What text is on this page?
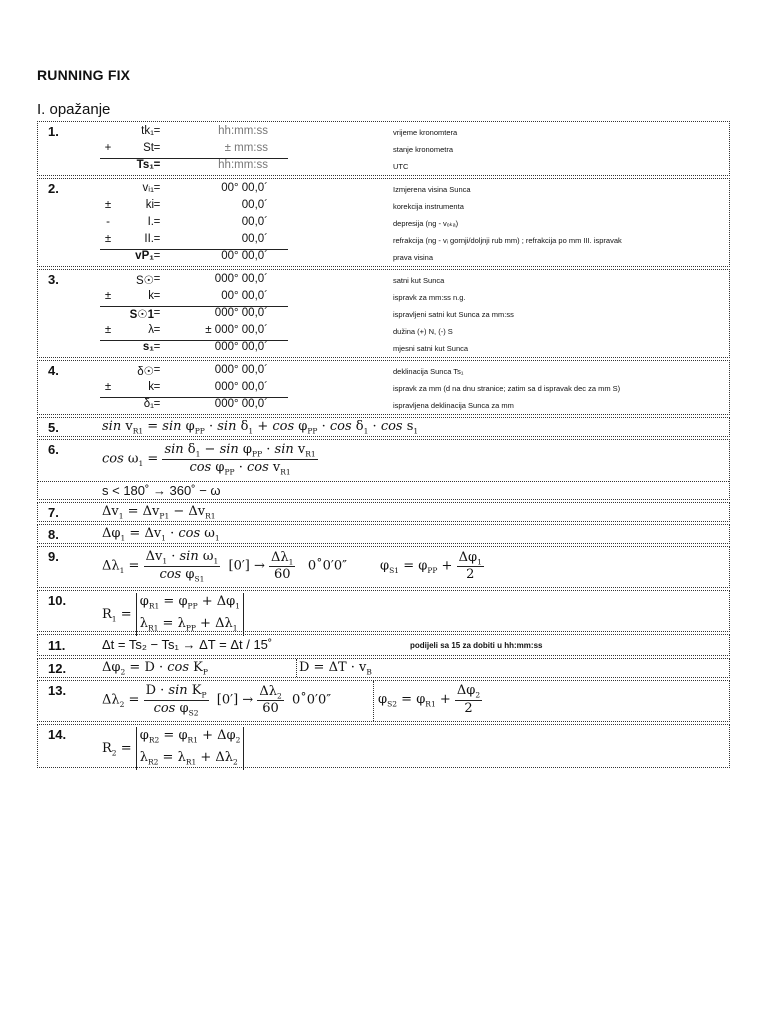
RUNNING FIX
I. opažanje
1.	tk₁ =	hh:mm:ss	vrijeme kronomtera
+	St =	± mm:ss	stanje kronometra
Ts₁ =	hh:mm:ss	UTC
2.	vᵢ₁ =	00° 00,0´	Izmjerena visina Sunca
±	ki =	00,0´	korekcija instrumenta
-	I. =	00,0´	depresija (ng - vₒₖₐ)
±	II. =	00,0´	refrakcija (ng - vᵢ gornji/doljnji rub mm) ; refrakcija po mm III. ispravak
vP₁ =	00° 00,0´	prava visina
3.	S☉ =	000° 00,0´	satni kut Sunca
±	k =	00° 00,0´	ispravk za mm:ss n.g.
S☉1 =	000° 00,0´	ispravljeni satni kut Sunca za mm:ss
±	λ =	± 000° 00,0´	dužina (+) N, (-) S
s₁ =	000° 00,0´	mjesni satni kut Sunca
4.	δ☉ =	000° 00,0´	deklinacija Sunca Ts₁
±	k =	000° 00,0´	ispravk za mm (d na dnu stranice; zatim sa d ispravak dec za mm S)
δ₁ =	000° 00,0´	ispravljena deklinacija Sunca za mm
5.	$\sin v_{R1} = \sin \varphi_{PP} \cdot \sin \delta_1 + \cos \varphi_{PP} \cdot \cos \delta_1 \cdot \cos s_1$
6.
$\cos \omega_1 = \frac{\sin \delta_1 - \sin \varphi_{PP} \cdot \sin v_{R1}}{\cos \varphi_{PP} \cdot \cos v_{R1}}$
s < 180˚ → 360˚ − ω
7.	$\Delta v_1 = \Delta v_{P1} - \Delta v_{R1}$
8.	$\Delta\varphi_1 = \Delta v_1 \cdot \cos \omega_1$
9.
$\Delta\lambda_1 = \frac{\Delta v_1 \cdot \sin \omega_1}{\cos \varphi_{S1}} [0'] \to \frac{\Delta\lambda_1}{60}$ 0˚0′0″        $\varphi_{S1} = \varphi_{PP} + \frac{\Delta\varphi_1}{2}$
10.
$R_1 = \varphi_{R1} = \varphi_{PP} + \Delta\varphi_1$
$\lambda_{R1} = \lambda_{PP} + \Delta\lambda_1$
11.	Δt = Ts₂ − Ts₁ → ΔT = Δt / 15˚	podijeli sa 15 za dobiti u hh:mm:ss
12.	$\Delta\varphi_2 = D \cdot \cos K_P$	$D = \Delta T \cdot v_B$
13.
$\Delta\lambda_2 = \frac{D \cdot \sin K_P}{\cos \varphi_{S2}} [0'] \to \frac{\Delta\lambda_2}{60}$ 0˚0′0″	$\varphi_{S2} = \varphi_{R1} + \frac{\Delta\varphi_2}{2}$
14.
$R_2 = \varphi_{R2} = \varphi_{R1} + \Delta\varphi_2$
$\lambda_{R2} = \lambda_{R1} + \Delta\lambda_2$
